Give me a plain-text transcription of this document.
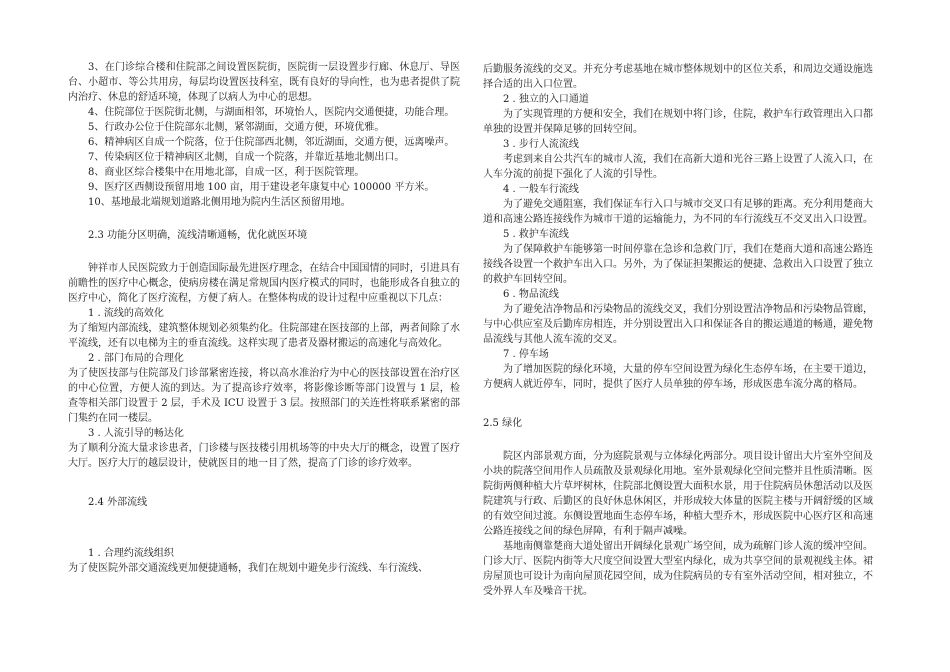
3、在门诊综合楼和住院部之间设置医院街，医院街一层设置步行廊、休息厅、导医台、小超市、等公共用房，每层均设置医技科室，既有良好的导向性，也为患者提供了院内治疗、休息的舒适环境，体现了以病人为中心的思想。

4、住院部位于医院街北侧，与湖面相邻，环境怡人，医院内交通便捷，功能合理。

5、行政办公位于住院部东北侧，紧邻湖面，交通方便，环境优雅。

6、精神病区自成一个院落，位于住院部西北侧，邻近湖面，交通方便，远离噪声。

7、传染病区位于精神病区北侧，自成一个院落，并靠近基地北侧出口。

8、商业区综合楼集中在用地北部，自成一区，利于医院管理。

9、医疗区西侧设预留用地 100 亩，用于建设老年康复中心 100000 平方米。

10、基地最北端规划道路北侧用地为院内生活区预留用地。

2.3 功能分区明确，流线清晰通畅，优化就医环境

钟祥市人民医院致力于创造国际最先进医疗理念，在结合中国国情的同时，引进具有前瞻性的医疗中心概念，使病房楼在满足常规国内医疗模式的同时，也能形成各自独立的医疗中心，简化了医疗流程，方便了病人。在整体构成的设计过程中应重视以下几点：

1 . 流线的高效化

为了缩短内部流线，建筑整体规划必须集约化。住院部建在医技部的上部，两者间除了水平流线，还有以电梯为主的垂直流线。这样实现了患者及器材搬运的高速化与高效化。

2 . 部门布局的合理化

为了使医技部与住院部及门诊部紧密连接，将以高水准治疗为中心的医技部设置在治疗区的中心位置，方便人流的到达。为了提高诊疗效率，将影像诊断等部门设置与 1 层，检查等相关部门设置于 2 层，手术及 ICU 设置于 3 层。按照部门的关连性将联系紧密的部门集约在同一楼层。

3 . 人流引导的畅达化

为了顺利分流大量求诊患者，门诊楼与医技楼引用机场等的中央大厅的概念，设置了医疗大厅。医疗大厅的越层设计，使就医目的地一目了然，提高了门诊的诊疗效率。

2.4 外部流线

1 . 合理约流线组织

为了使医院外部交通流线更加便捷通畅，我们在规划中避免步行流线、车行流线、

后勤服务流线的交叉。并充分考虑基地在城市整体规划中的区位关系，和周边交通设施选择合适的出入口位置。

2 . 独立的入口通道

为了实现管理的方便和安全，我们在规划中将门诊，住院，救护车行政管理出入口都单独的设置并保障足够的回转空间。

3 . 步行人流流线

考虑到来自公共汽车的城市人流，我们在高新大道和光谷三路上设置了人流入口，在人车分流的前提下强化了人流的引导性。

4 . 一般车行流线

为了避免交通阻塞，我们保证车行入口与城市交叉口有足够的距离。充分利用楚商大道和高速公路连接线作为城市干道的运输能力，为不同的车行流线互不交叉出入口设置。

5 . 救护车流线

为了保障救护车能够第一时间停靠在急诊和急救门厅，我们在楚商大道和高速公路连接线各设置一个救护车出入口。另外，为了保证担架搬运的便捷、急救出入口设置了独立的救护车回转空间。

6 . 物品流线

为了避免洁净物品和污染物品的流线交叉，我们分别设置洁净物品和污染物品管廊，与中心供应室及后勤库房相连，并分别设置出入口和保证各自的搬运通道的畅通，避免物品流线与其他人流车流的交叉。

7 . 停车场

为了增加医院的绿化环境，大量的停车空间设置为绿化生态停车场，在主要干道边，方便病人就近停车，同时，提供了医疗人员单独的停车场，形成医患车流分离的格局。

2.5 绿化

院区内部景观方面，分为庭院景观与立体绿化两部分。项目设计留出大片室外空间及小块的院落空间用作人员疏散及景观绿化用地。室外景观绿化空间完整并且性质清晰。医院街两侧种植大片草坪树林，住院部北侧设置大面积水景，用于住院病员休憩活动以及医院建筑与行政、后勤区的良好休息休闲区，并形成较大体量的医院主楼与开阔舒缓的区域的有效空间过渡。东侧设置地面生态停车场，种植大型乔木，形成医院中心医疗区和高速公路连接线之间的绿色屏障，有利于隔声减噪。

基地南侧靠楚商大道处留出开阔绿化景观广场空间，成为疏解门诊人流的缓冲空间。门诊大厅、医院内街等大尺度空间设置大型室内绿化，成为共享空间的景观视线主体。裙房屋顶也可设计为南向屋顶花园空间，成为住院病员的专有室外活动空间，相对独立，不受外界人车及噪音干扰。
